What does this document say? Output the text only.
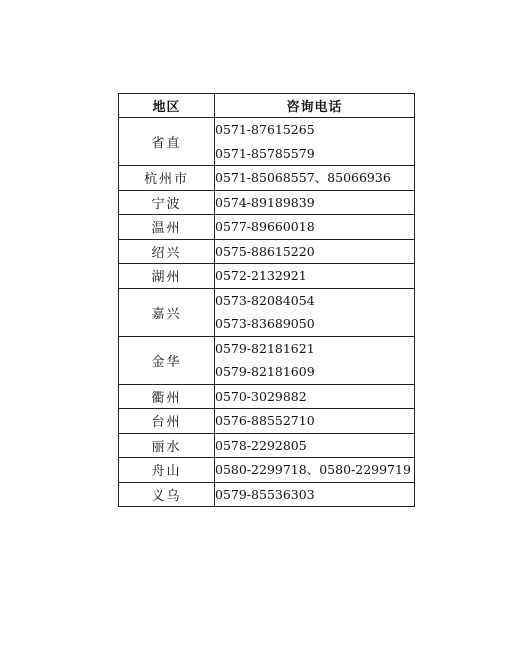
地区	咨询电话
省直	0571-87615265
0571-85785579

杭州市	0571-85068557、85066936

宁波	0574-89189839

温州	0577-89660018

绍兴	0575-88615220

湖州	0572-2132921

嘉兴	0573-82084054
0573-83689050

金华	0579-82181621
0579-82181609

衢州	0570-3029882

台州	0576-88552710

丽水	0578-2292805

舟山	0580-2299718、0580-2299719

义乌	0579-85536303
